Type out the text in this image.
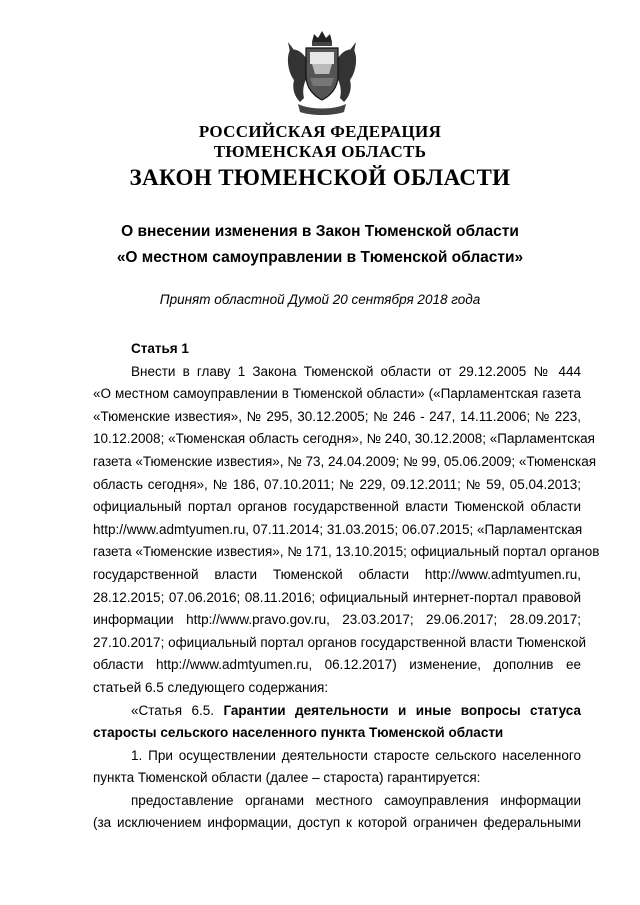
РОССИЙСКАЯ ФЕДЕРАЦИЯ
ТЮМЕНСКАЯ ОБЛАСТЬ
ЗАКОН ТЮМЕНСКОЙ ОБЛАСТИ
О внесении изменения в Закон Тюменской области
«О местном самоуправлении в Тюменской области»
Принят областной Думой 20 сентября 2018 года
Статья 1
Внести в главу 1 Закона Тюменской области от 29.12.2005 № 444
«О местном самоуправлении в Тюменской области» («Парламентская газета
«Тюменские известия», № 295, 30.12.2005; № 246 - 247, 14.11.2006; № 223,
10.12.2008; «Тюменская область сегодня», № 240, 30.12.2008; «Парламентская
газета «Тюменские известия», № 73, 24.04.2009; № 99, 05.06.2009; «Тюменская
область сегодня», № 186, 07.10.2011; № 229, 09.12.2011; № 59, 05.04.2013;
официальный портал органов государственной власти Тюменской области
http://www.admtyumen.ru, 07.11.2014; 31.03.2015; 06.07.2015; «Парламентская
газета «Тюменские известия», № 171, 13.10.2015; официальный портал органов
государственной власти Тюменской области http://www.admtyumen.ru,
28.12.2015; 07.06.2016; 08.11.2016; официальный интернет-портал правовой
информации http://www.pravo.gov.ru, 23.03.2017; 29.06.2017; 28.09.2017;
27.10.2017; официальный портал органов государственной власти Тюменской
области http://www.admtyumen.ru, 06.12.2017) изменение, дополнив ее
статьей 6.5 следующего содержания:
«Статья 6.5. Гарантии деятельности и иные вопросы статуса
старосты сельского населенного пункта Тюменской области
1. При осуществлении деятельности старосте сельского населенного
пункта Тюменской области (далее – староста) гарантируется:
предоставление органами местного самоуправления информации
(за исключением информации, доступ к которой ограничен федеральными
